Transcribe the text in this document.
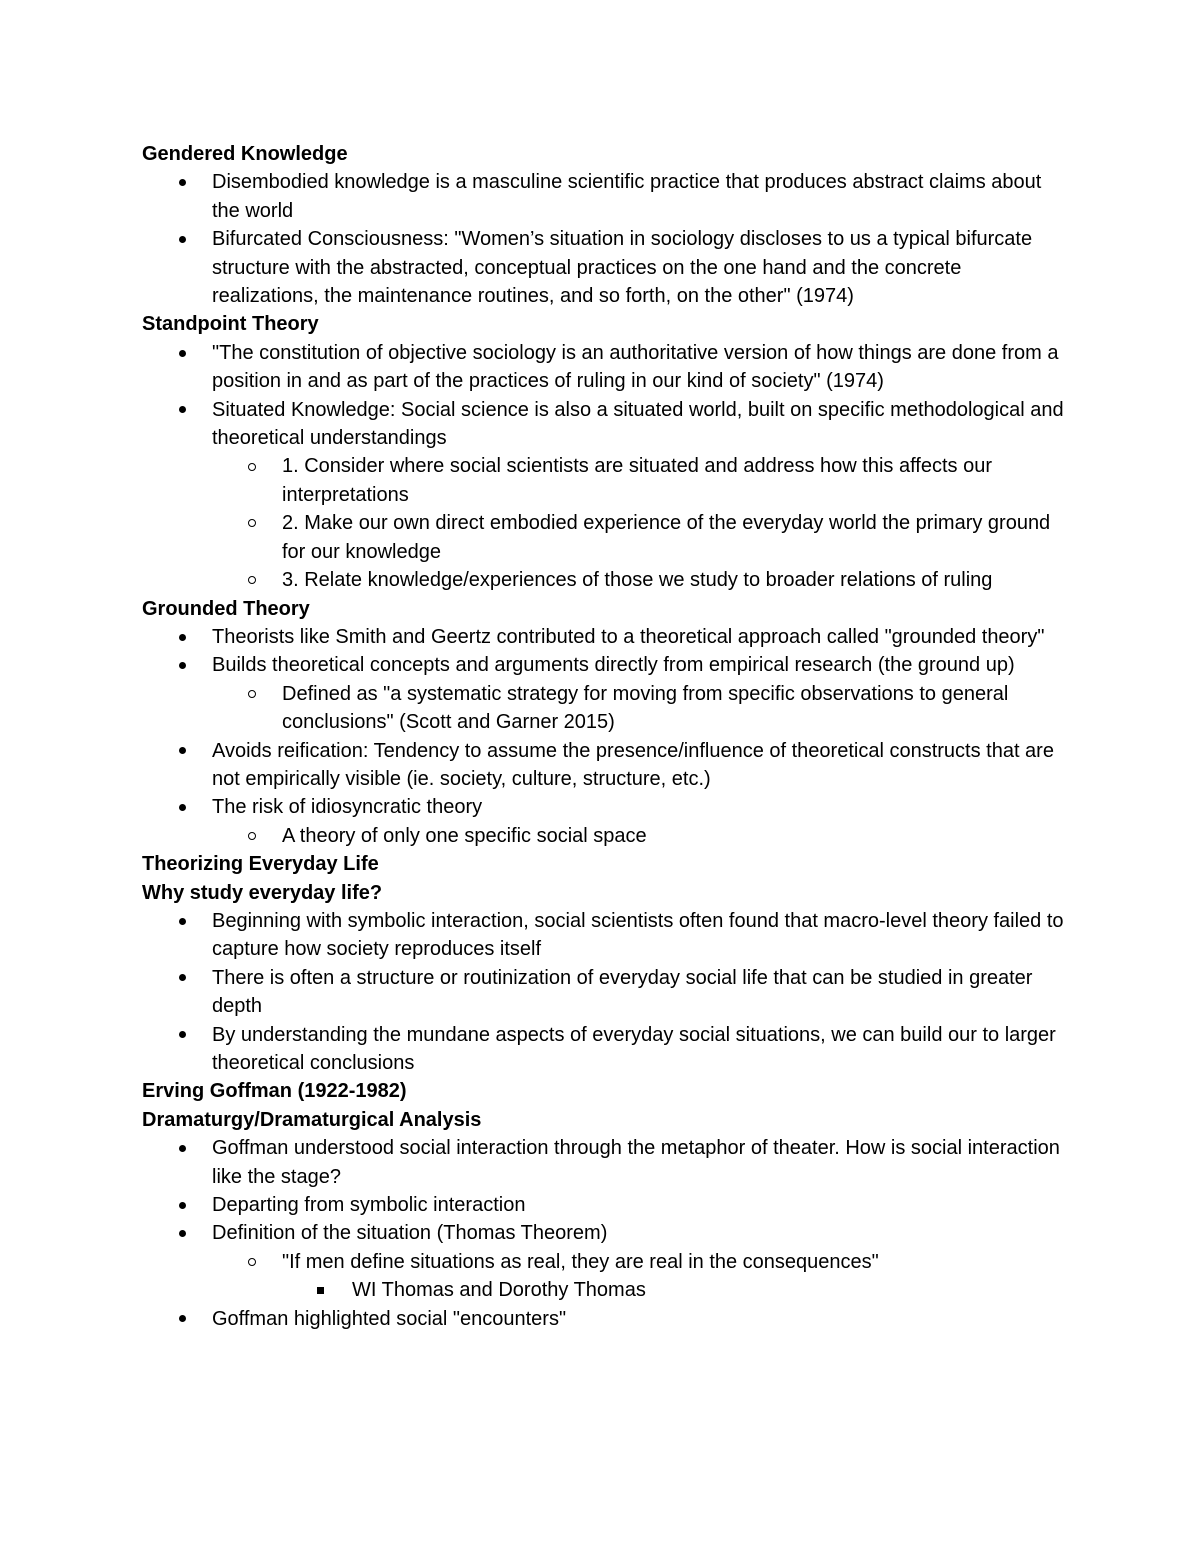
Gendered Knowledge

Disembodied knowledge is a masculine scientific practice that produces abstract claims about the world
Bifurcated Consciousness: "Women’s situation in sociology discloses to us a typical bifurcate structure with the abstracted, conceptual practices on the one hand and the concrete realizations, the maintenance routines, and so forth, on the other" (1974)

Standpoint Theory

"The constitution of objective sociology is an authoritative version of how things are done from a position in and as part of the practices of ruling in our kind of society" (1974)
Situated Knowledge: Social science is also a situated world, built on specific methodological and theoretical understandings
1. Consider where social scientists are situated and address how this affects our interpretations
2. Make our own direct embodied experience of the everyday world the primary ground for our knowledge
3. Relate knowledge/experiences of those we study to broader relations of ruling

Grounded Theory

Theorists like Smith and Geertz contributed to a theoretical approach called "grounded theory"
Builds theoretical concepts and arguments directly from empirical research (the ground up)
Defined as "a systematic strategy for moving from specific observations to general conclusions" (Scott and Garner 2015)
Avoids reification: Tendency to assume the presence/influence of theoretical constructs that are not empirically visible (ie. society, culture, structure, etc.)
The risk of idiosyncratic theory
A theory of only one specific social space

Theorizing Everyday Life

Why study everyday life?

Beginning with symbolic interaction, social scientists often found that macro-level theory failed to capture how society reproduces itself
There is often a structure or routinization of everyday social life that can be studied in greater depth
By understanding the mundane aspects of everyday social situations, we can build our to larger theoretical conclusions

Erving Goffman (1922-1982)

Dramaturgy/Dramaturgical Analysis

Goffman understood social interaction through the metaphor of theater. How is social interaction like the stage?
Departing from symbolic interaction
Definition of the situation (Thomas Theorem)
"If men define situations as real, they are real in the consequences"
WI Thomas and Dorothy Thomas
Goffman highlighted social "encounters"
